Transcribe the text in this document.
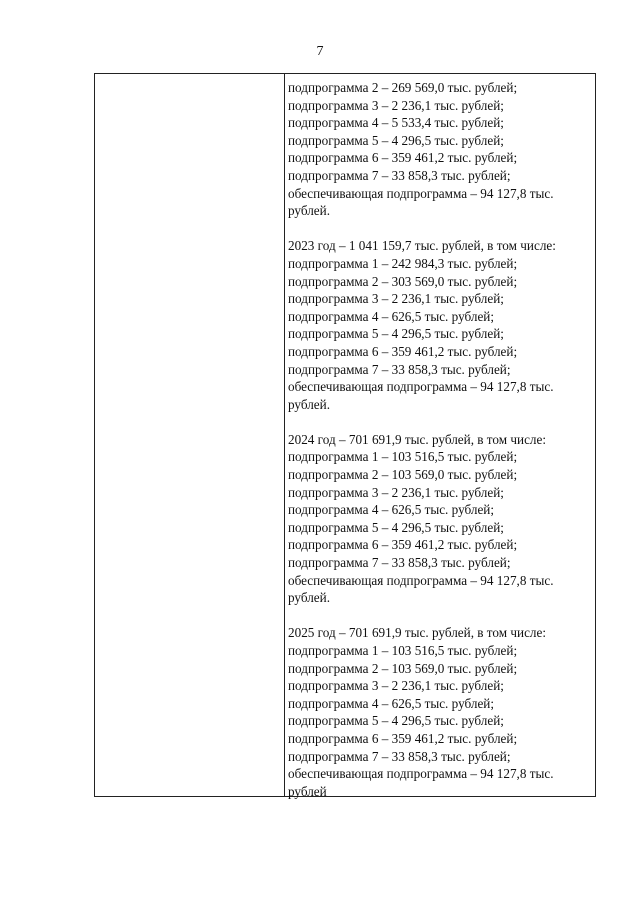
7
подпрограмма 2 – 269 569,0 тыс. рублей;
подпрограмма 3 – 2 236,1 тыс. рублей;
подпрограмма 4 – 5 533,4 тыс. рублей;
подпрограмма 5 – 4 296,5 тыс. рублей;
подпрограмма 6 – 359 461,2 тыс. рублей;
подпрограмма 7 – 33 858,3 тыс. рублей;
обеспечивающая подпрограмма – 94 127,8 тыс.
рублей.
2023 год – 1 041 159,7 тыс. рублей, в том числе:
подпрограмма 1 – 242 984,3 тыс. рублей;
подпрограмма 2 – 303 569,0 тыс. рублей;
подпрограмма 3 – 2 236,1 тыс. рублей;
подпрограмма 4 – 626,5 тыс. рублей;
подпрограмма 5 – 4 296,5 тыс. рублей;
подпрограмма 6 – 359 461,2 тыс. рублей;
подпрограмма 7 – 33 858,3 тыс. рублей;
обеспечивающая подпрограмма – 94 127,8 тыс.
рублей.
2024 год – 701 691,9 тыс. рублей, в том числе:
подпрограмма 1 – 103 516,5 тыс. рублей;
подпрограмма 2 – 103 569,0 тыс. рублей;
подпрограмма 3 – 2 236,1 тыс. рублей;
подпрограмма 4 – 626,5 тыс. рублей;
подпрограмма 5 – 4 296,5 тыс. рублей;
подпрограмма 6 – 359 461,2 тыс. рублей;
подпрограмма 7 – 33 858,3 тыс. рублей;
обеспечивающая подпрограмма – 94 127,8 тыс.
рублей.
2025 год – 701 691,9 тыс. рублей, в том числе:
подпрограмма 1 – 103 516,5 тыс. рублей;
подпрограмма 2 – 103 569,0 тыс. рублей;
подпрограмма 3 – 2 236,1 тыс. рублей;
подпрограмма 4 – 626,5 тыс. рублей;
подпрограмма 5 – 4 296,5 тыс. рублей;
подпрограмма 6 – 359 461,2 тыс. рублей;
подпрограмма 7 – 33 858,3 тыс. рублей;
обеспечивающая подпрограмма – 94 127,8 тыс.
рублей
